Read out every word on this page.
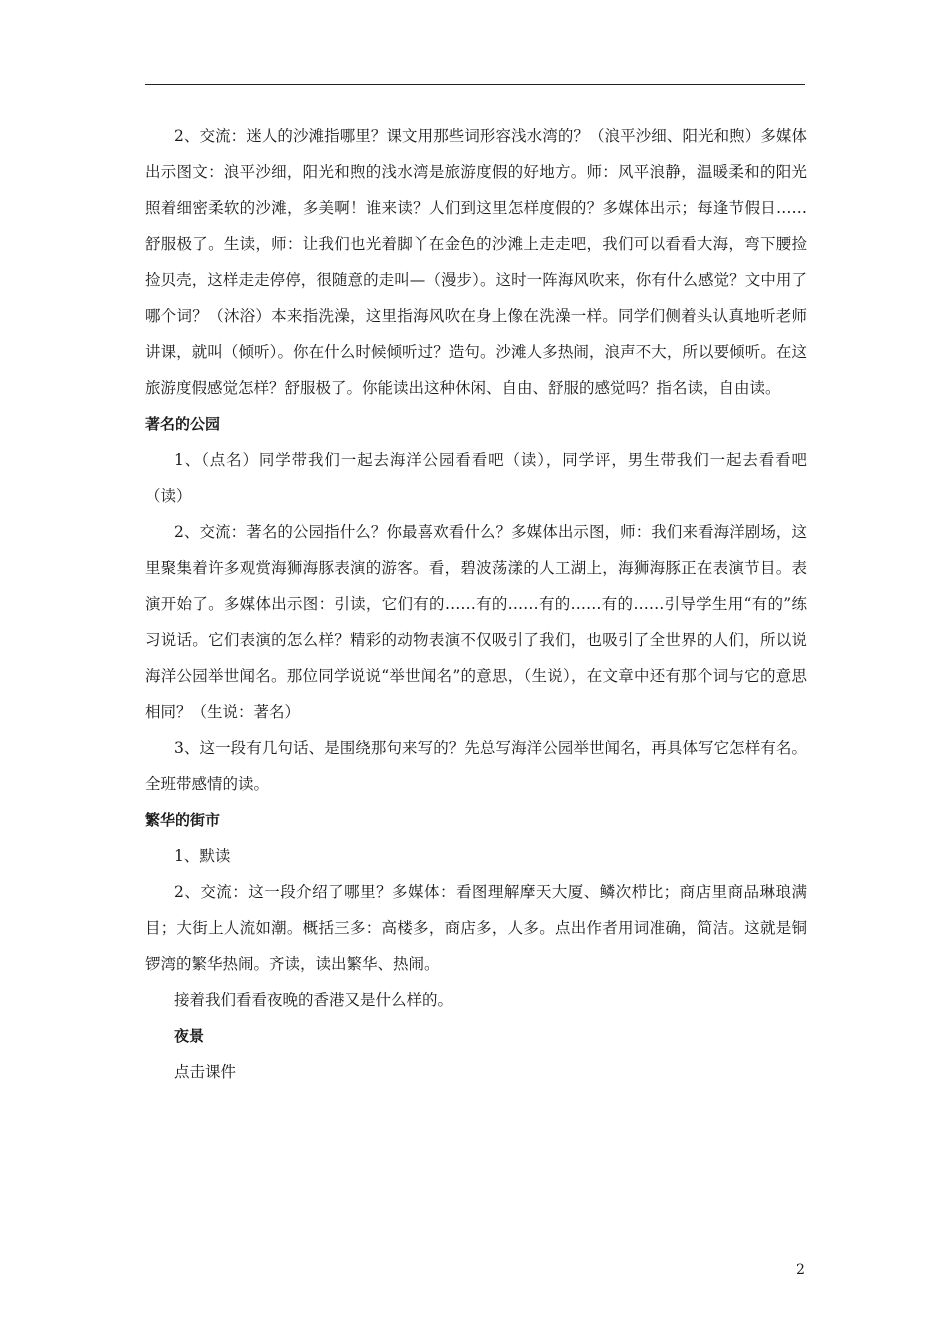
2、交流：迷人的沙滩指哪里？课文用那些词形容浅水湾的？（浪平沙细、阳光和煦）多媒体出示图文：浪平沙细，阳光和煦的浅水湾是旅游度假的好地方。师：风平浪静，温暖柔和的阳光照着细密柔软的沙滩，多美啊！谁来读？人们到这里怎样度假的？多媒体出示；每逢节假日……舒服极了。生读，师：让我们也光着脚丫在金色的沙滩上走走吧，我们可以看看大海，弯下腰捡捡贝壳，这样走走停停，很随意的走叫—（漫步）。这时一阵海风吹来，你有什么感觉？文中用了哪个词？（沐浴）本来指洗澡，这里指海风吹在身上像在洗澡一样。同学们侧着头认真地听老师讲课，就叫（倾听）。你在什么时候倾听过？造句。沙滩人多热闹，浪声不大，所以要倾听。在这旅游度假感觉怎样？舒服极了。你能读出这种休闲、自由、舒服的感觉吗？指名读，自由读。

著名的公园

1、（点名）同学带我们一起去海洋公园看看吧（读），同学评，男生带我们一起去看看吧（读）

2、交流：著名的公园指什么？你最喜欢看什么？多媒体出示图，师：我们来看海洋剧场，这里聚集着许多观赏海狮海豚表演的游客。看，碧波荡漾的人工湖上，海狮海豚正在表演节目。表演开始了。多媒体出示图：引读，它们有的……有的……有的……有的……引导学生用“有的”练习说话。它们表演的怎么样？精彩的动物表演不仅吸引了我们，也吸引了全世界的人们，所以说海洋公园举世闻名。那位同学说说“举世闻名”的意思，（生说），在文章中还有那个词与它的意思相同？（生说：著名）

3、这一段有几句话、是围绕那句来写的？先总写海洋公园举世闻名，再具体写它怎样有名。全班带感情的读。

繁华的街市

1、默读

2、交流：这一段介绍了哪里？多媒体：看图理解摩天大厦、鳞次栉比；商店里商品琳琅满目；大街上人流如潮。概括三多：高楼多，商店多，人多。点出作者用词准确，简洁。这就是铜锣湾的繁华热闹。齐读，读出繁华、热闹。

接着我们看看夜晚的香港又是什么样的。

夜景

点击课件

2
